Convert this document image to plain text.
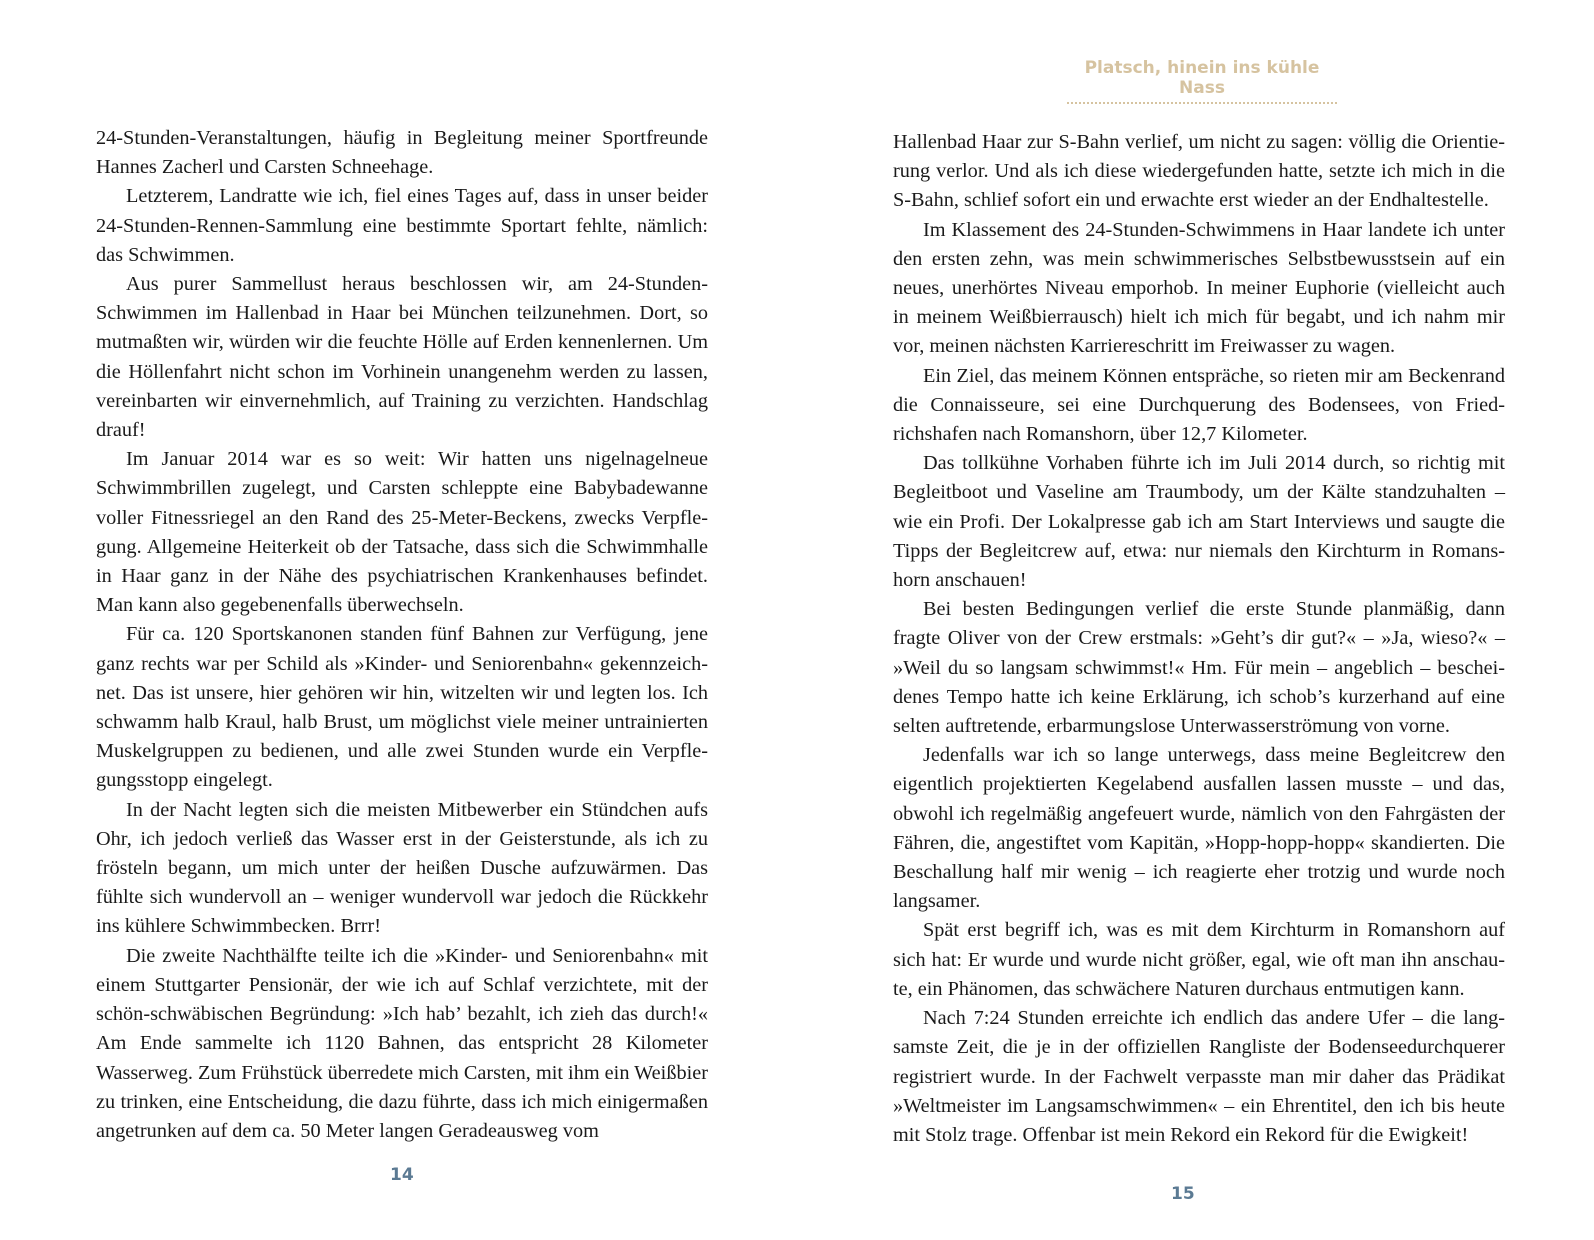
24-Stunden-Veranstaltungen, häufig in Begleitung meiner Sportfreunde Hannes Zacherl und Carsten Schneehage.

Letzterem, Landratte wie ich, fiel eines Tages auf, dass in unser beider 24-Stunden-Rennen-Sammlung eine bestimmte Sportart fehlte, nämlich: das Schwimmen.

Aus purer Sammellust heraus beschlossen wir, am 24-Stunden-Schwimmen im Hallenbad in Haar bei München teilzunehmen. Dort, so mutmaßten wir, würden wir die feuchte Hölle auf Erden kennenlernen. Um die Höllenfahrt nicht schon im Vorhinein unangenehm werden zu lassen, vereinbarten wir einvernehmlich, auf Training zu verzichten. Handschlag drauf!

Im Januar 2014 war es so weit: Wir hatten uns nigelnagelneue Schwimmbrillen zugelegt, und Carsten schleppte eine Babybadewanne voller Fitnessriegel an den Rand des 25-Meter-Beckens, zwecks Verpflegung. Allgemeine Heiterkeit ob der Tatsache, dass sich die Schwimmhalle in Haar ganz in der Nähe des psychiatrischen Krankenhauses befindet. Man kann also gegebenenfalls überwechseln.

Für ca. 120 Sportskanonen standen fünf Bahnen zur Verfügung, jene ganz rechts war per Schild als »Kinder- und Seniorenbahn« gekennzeichnet. Das ist unsere, hier gehören wir hin, witzelten wir und legten los. Ich schwamm halb Kraul, halb Brust, um möglichst viele meiner untrainierten Muskelgruppen zu bedienen, und alle zwei Stunden wurde ein Verpflegungsstopp eingelegt.

In der Nacht legten sich die meisten Mitbewerber ein Stündchen aufs Ohr, ich jedoch verließ das Wasser erst in der Geisterstunde, als ich zu frösteln begann, um mich unter der heißen Dusche aufzuwärmen. Das fühlte sich wundervoll an – weniger wundervoll war jedoch die Rückkehr ins kühlere Schwimmbecken. Brrr!

Die zweite Nachthälfte teilte ich die »Kinder- und Seniorenbahn« mit einem Stuttgarter Pensionär, der wie ich auf Schlaf verzichtete, mit der schön-schwäbischen Begründung: »Ich hab’ bezahlt, ich zieh das durch!« Am Ende sammelte ich 1120 Bahnen, das entspricht 28 Kilometer Wasserweg. Zum Frühstück überredete mich Carsten, mit ihm ein Weißbier zu trinken, eine Entscheidung, die dazu führte, dass ich mich einigermaßen angetrunken auf dem ca. 50 Meter langen Geradeausweg vom

14
Platsch, hinein ins kühle Nass

Hallenbad Haar zur S-Bahn verlief, um nicht zu sagen: völlig die Orientierung verlor. Und als ich diese wiedergefunden hatte, setzte ich mich in die S-Bahn, schlief sofort ein und erwachte erst wieder an der Endhaltestelle.

Im Klassement des 24-Stunden-Schwimmens in Haar landete ich unter den ersten zehn, was mein schwimmerisches Selbstbewusstsein auf ein neues, unerhörtes Niveau emporhob. In meiner Euphorie (vielleicht auch in meinem Weißbierrausch) hielt ich mich für begabt, und ich nahm mir vor, meinen nächsten Karriereschritt im Freiwasser zu wagen.

Ein Ziel, das meinem Können entspräche, so rieten mir am Beckenrand die Connaisseure, sei eine Durchquerung des Bodensees, von Friedrichshafen nach Romanshorn, über 12,7 Kilometer.

Das tollkühne Vorhaben führte ich im Juli 2014 durch, so richtig mit Begleitboot und Vaseline am Traumbody, um der Kälte standzuhalten – wie ein Profi. Der Lokalpresse gab ich am Start Interviews und saugte die Tipps der Begleitcrew auf, etwa: nur niemals den Kirchturm in Romanshorn anschauen!

Bei besten Bedingungen verlief die erste Stunde planmäßig, dann fragte Oliver von der Crew erstmals: »Geht’s dir gut?« – »Ja, wieso?« – »Weil du so langsam schwimmst!« Hm. Für mein – angeblich – bescheidenes Tempo hatte ich keine Erklärung, ich schob’s kurzerhand auf eine selten auftretende, erbarmungslose Unterwasserströmung von vorne.

Jedenfalls war ich so lange unterwegs, dass meine Begleitcrew den eigentlich projektierten Kegelabend ausfallen lassen musste – und das, obwohl ich regelmäßig angefeuert wurde, nämlich von den Fahrgästen der Fähren, die, angestiftet vom Kapitän, »Hopp-hopp-hopp« skandierten. Die Beschallung half mir wenig – ich reagierte eher trotzig und wurde noch langsamer.

Spät erst begriff ich, was es mit dem Kirchturm in Romanshorn auf sich hat: Er wurde und wurde nicht größer, egal, wie oft man ihn anschaute, ein Phänomen, das schwächere Naturen durchaus entmutigen kann.

Nach 7:24 Stunden erreichte ich endlich das andere Ufer – die langsamste Zeit, die je in der offiziellen Rangliste der Bodenseedurchquerer registriert wurde. In der Fachwelt verpasste man mir daher das Prädikat »Weltmeister im Langsamschwimmen« – ein Ehrentitel, den ich bis heute mit Stolz trage. Offenbar ist mein Rekord ein Rekord für die Ewigkeit!

15
